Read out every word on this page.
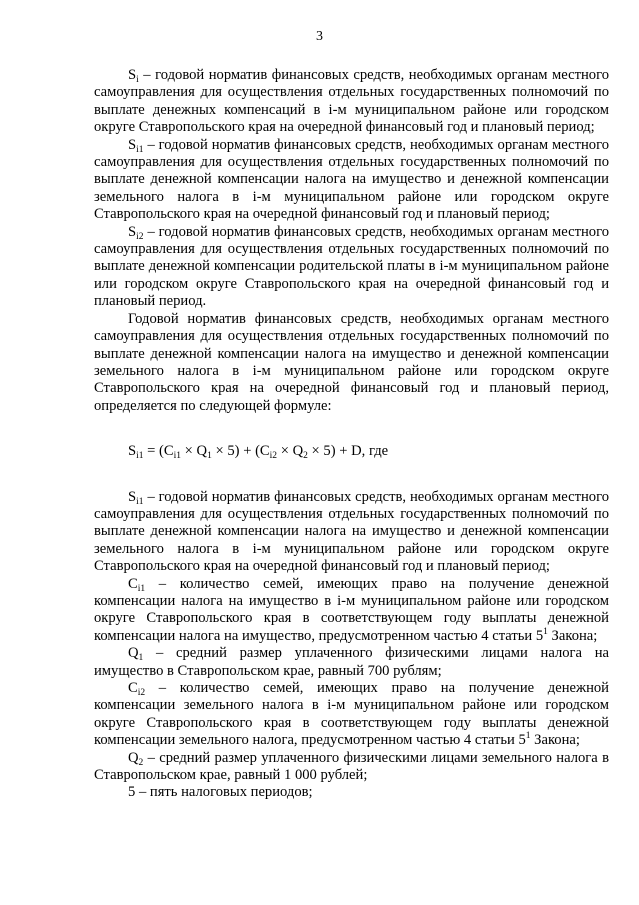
3

$S_i$ – годовой норматив финансовых средств, необходимых органам местного самоуправления для осуществления отдельных государственных полномочий по выплате денежных компенсаций в i-м муниципальном районе или городском округе Ставропольского края на очередной финансовый год и плановый период;

$S_{i1}$ – годовой норматив финансовых средств, необходимых органам местного самоуправления для осуществления отдельных государственных полномочий по выплате денежной компенсации налога на имущество и денежной компенсации земельного налога в i-м муниципальном районе или городском округе Ставропольского края на очередной финансовый год и плановый период;

$S_{i2}$ – годовой норматив финансовых средств, необходимых органам местного самоуправления для осуществления отдельных государственных полномочий по выплате денежной компенсации родительской платы в i-м муниципальном районе или городском округе Ставропольского края на очередной финансовый год и плановый период.

Годовой норматив финансовых средств, необходимых органам местного самоуправления для осуществления отдельных государственных полномочий по выплате денежной компенсации налога на имущество и денежной компенсации земельного налога в i-м муниципальном районе или городском округе Ставропольского края на очередной финансовый год и плановый период, определяется по следующей формуле:

$S_{i1} = (C_{i1} \times Q_1 \times 5) + (C_{i2} \times Q_2 \times 5) + D$, где

$S_{i1}$ – годовой норматив финансовых средств, необходимых органам местного самоуправления для осуществления отдельных государственных полномочий по выплате денежной компенсации налога на имущество и денежной компенсации земельного налога в i-м муниципальном районе или городском округе Ставропольского края на очередной финансовый год и плановый период;

$C_{i1}$ – количество семей, имеющих право на получение денежной компенсации налога на имущество в i-м муниципальном районе или городском округе Ставропольского края в соответствующем году выплаты денежной компенсации налога на имущество, предусмотренном частью 4 статьи $5^1$ Закона;

$Q_1$ – средний размер уплаченного физическими лицами налога на имущество в Ставропольском крае, равный 700 рублям;

$C_{i2}$ – количество семей, имеющих право на получение денежной компенсации земельного налога в i-м муниципальном районе или городском округе Ставропольского края в соответствующем году выплаты денежной компенсации земельного налога, предусмотренном частью 4 статьи $5^1$ Закона;

$Q_2$ – средний размер уплаченного физическими лицами земельного налога в Ставропольском крае, равный 1 000 рублей;

5 – пять налоговых периодов;
